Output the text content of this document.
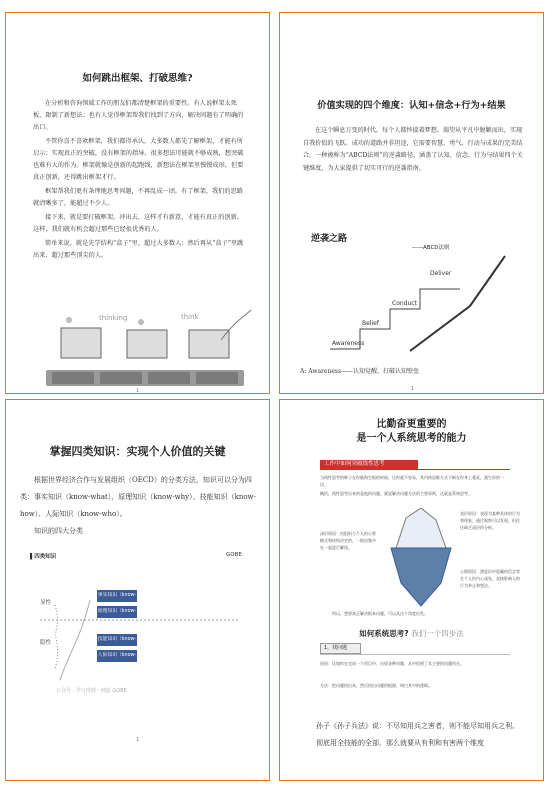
如何跳出框架、打破思维?

在分析和咨询领域工作的朋友们都清楚框架的重要性。有人说框架太死板，限制了新想法；也有人觉得框架帮我们找到了方向，解决问题有了明确的出口。

不管你喜不喜欢框架，我们都得承认，大多数人都先了解框架，才能有所启示；实现真正的突破，没有框架的指导。很多想法可能就不够成熟，想突破也难有大的作为。框架就像是创新的起跑线，新想法在框架里慢慢成形，但要真正创新，还得跳出框架才行。

框架帮我们更有条理地思考问题，不再乱成一团。有了框架，我们的思路就清晰多了，能超过不少人。

接下来，就是要打破框架，冲出去，这样才有新意，才能有真正的创新。这样，我们就有机会超过那些已经很优秀的人。

简单来说，就是先学结构“盒子”里，超过大多数人；然后再从“盒子”里跳出来，超过那些顶尖的人。

thinking	think
1
价值实现的四个维度：认知+信念+行为+结果

在这个瞬息万变的时代，每个人都怀揣着梦想，渴望从平凡中脱颖而出，实现自我价值的飞跃。成功的道路并非坦途，它需要智慧、勇气、行动与成果的完美结合。一种被称为“ABCD法则”的逆袭路径，涵盖了认知、信念、行为与结果四个关键维度，为大家提供了切实可行的逆袭指南。

逆袭之路
——ABCD法则
Awareness
Belief
Conduct
Deliver
A: Awareness——认知觉醒，打破认知壁垒
1
掌握四类知识：实现个人价值的关键

根据世界经济合作与发展组织（OECD）的分类方法，知识可以分为四类：事实知识（know-what）、原理知识（know-why）、技能知识（know-how）、人际知识（know-who）。

知识的四大分类

▌四类知识	GOBE
显性
隐性
事实知识（know-
原理知识（know-why）
技能知识（know-
人际知识（know-who）
公众号 · 学习找到一到造 GOBE
1
比勤奋更重要的
是一个人系统思考的能力
工作中如何突破线性思考
当线性思考的种子在你脑海生根的时候，这时就不容易，其内核思维方式不断在你身上蔓延，滋生你的一切。
概括，线性思考出来的是他的问题，就说解决问题方法的主要原则，这就是系统思考。
表层原因：表现为某种具体的行为和现象，通过观察可以发现，但往往缺乏深层的分析。
深层原因：由组织与个人的心智模式和结构决定的，一般由集中在一起进行解读。
心理原因：潜意识中隐藏的信念等在个人的内心深处，直接影响人的行为举止和想法。
所以，想要真正解决根本问题，可以从这个角度出发。
如何系统思考? 我们一个四步法
1、找问题
原因：比如你在完成一个项目中，出现各种问题，从中找到了其主要的问题所在。
方法：把问题找出来，然后找出问题的根源，明白其中的逻辑。

孙子《孙子兵法》说：不尽知用兵之害者，则不能尽知用兵之利。

彻底用全技能的全部，那么就要从有利和有害两个维度
